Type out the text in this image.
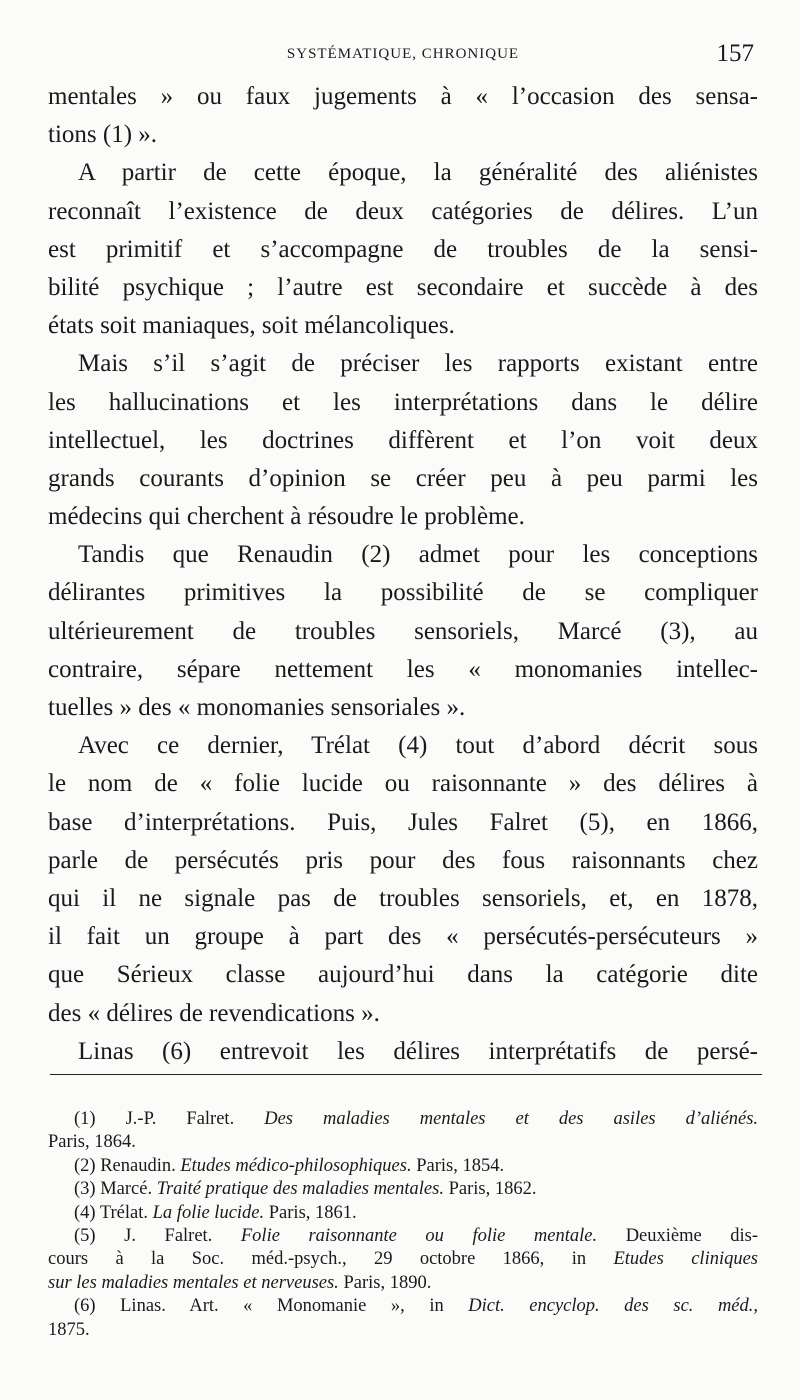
SYSTÉMATIQUE, CHRONIQUE	157
mentales » ou faux jugements à « l’occasion des sensa-
tions (1) ».
A partir de cette époque, la généralité des aliénistes
reconnaît l’existence de deux catégories de délires. L’un
est primitif et s’accompagne de troubles de la sensi-
bilité psychique ; l’autre est secondaire et succède à des
états soit maniaques, soit mélancoliques.
Mais s’il s’agit de préciser les rapports existant entre
les hallucinations et les interprétations dans le délire
intellectuel, les doctrines diffèrent et l’on voit deux
grands courants d’opinion se créer peu à peu parmi les
médecins qui cherchent à résoudre le problème.
Tandis que Renaudin (2) admet pour les conceptions
délirantes primitives la possibilité de se compliquer
ultérieurement de troubles sensoriels, Marcé (3), au
contraire, sépare nettement les « monomanies intellec-
tuelles » des « monomanies sensoriales ».
Avec ce dernier, Trélat (4) tout d’abord décrit sous
le nom de « folie lucide ou raisonnante » des délires à
base d’interprétations. Puis, Jules Falret (5), en 1866,
parle de persécutés pris pour des fous raisonnants chez
qui il ne signale pas de troubles sensoriels, et, en 1878,
il fait un groupe à part des « persécutés-persécuteurs »
que Sérieux classe aujourd’hui dans la catégorie dite
des « délires de revendications ».
Linas (6) entrevoit les délires interprétatifs de persé-
(1) J.-P. Falret. Des maladies mentales et des asiles d’aliénés.
Paris, 1864.
(2) Renaudin. Etudes médico-philosophiques. Paris, 1854.
(3) Marcé. Traité pratique des maladies mentales. Paris, 1862.
(4) Trélat. La folie lucide. Paris, 1861.
(5) J. Falret. Folie raisonnante ou folie mentale. Deuxième dis-
cours à la Soc. méd.-psych., 29 octobre 1866, in Etudes cliniques
sur les maladies mentales et nerveuses. Paris, 1890.
(6) Linas. Art. « Monomanie », in Dict. encyclop. des sc. méd.,
1875.
